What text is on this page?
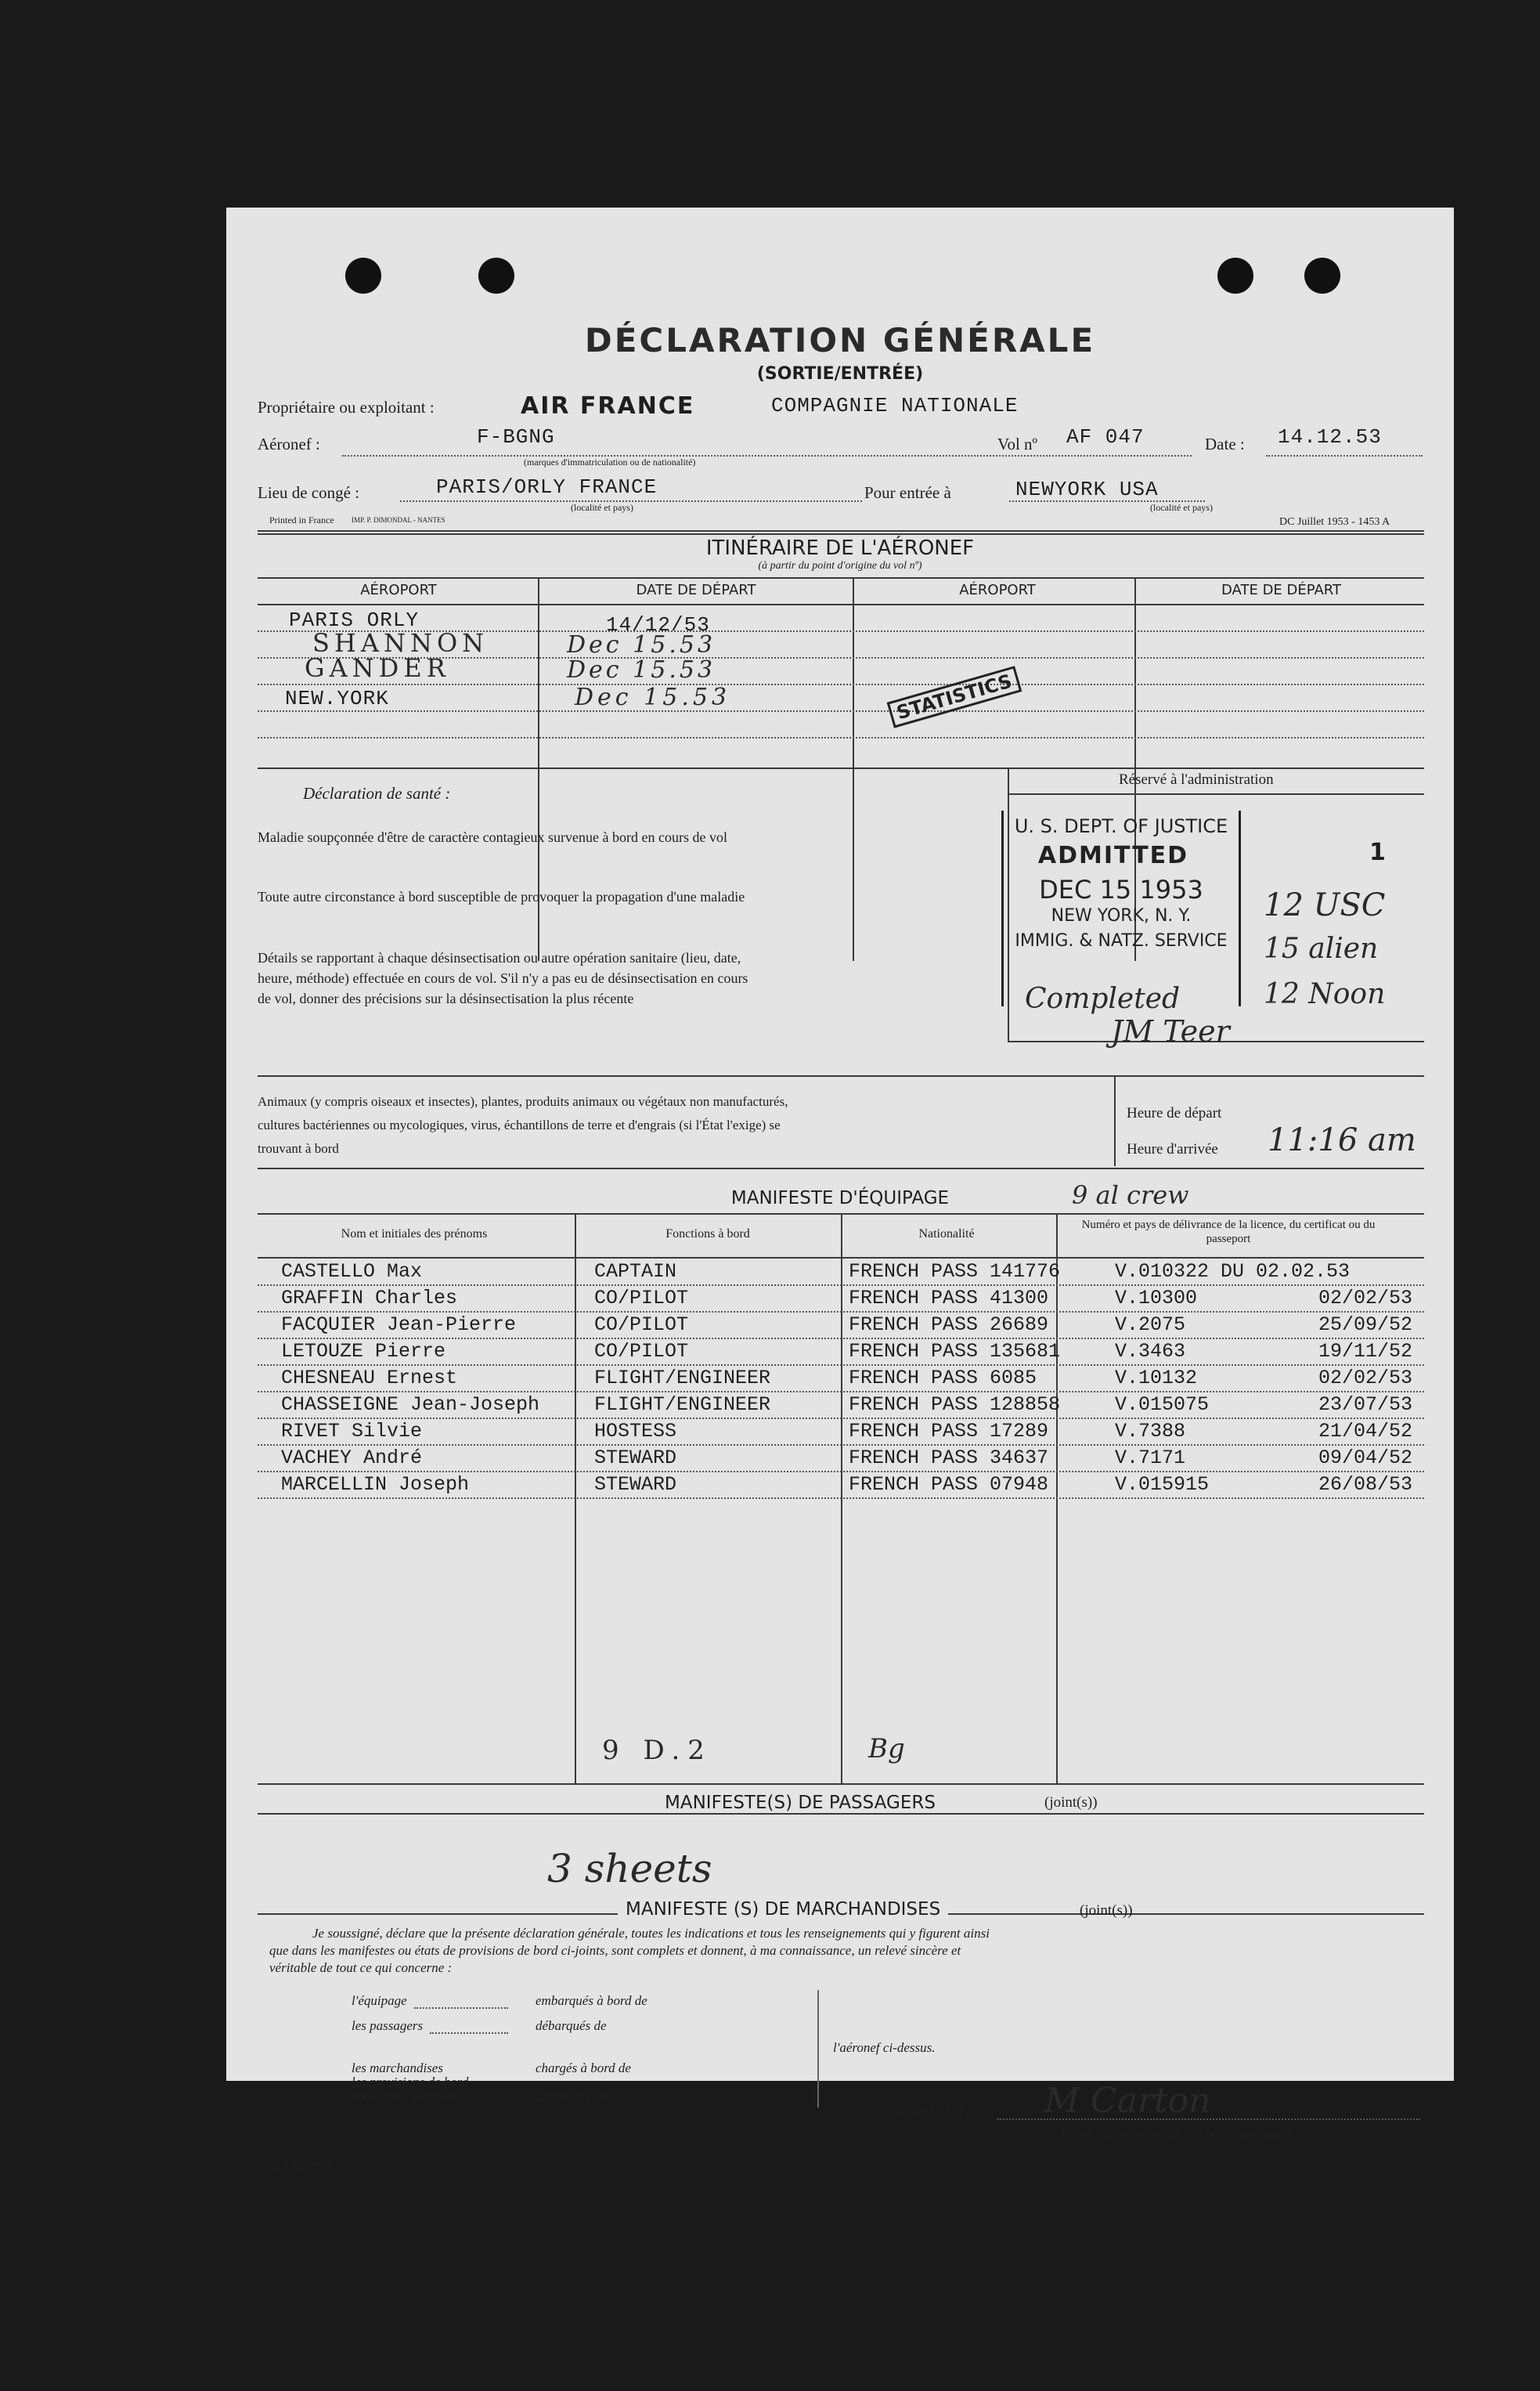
DÉCLARATION GÉNÉRALE
(SORTIE/ENTRÉE)
Propriétaire ou exploitant :	AIR FRANCE	COMPAGNIE NATIONALE
Aéronef :	F-BGNG
(marques d'immatriculation ou de nationalité)
Vol nº AF 047	Date : 14.12.53
Lieu de congé :	PARIS/ORLY FRANCE
(localité et pays)
Pour entrée à	NEWYORK USA
(localité et pays)
Printed in France IMP. P. DIMONDAL - NANTES	DC Juillet 1953 - 1453 A
ITINÉRAIRE DE L'AÉRONEF
(à partir du point d'origine du vol nº)
AÉROPORT	DATE DE DÉPART	AÉROPORT	DATE DE DÉPART
PARIS ORLY	14/12/53
SHANNON	Dec 15.53
GANDER	Dec 15.53
NEW.YORK	Dec 15.53	STATISTICS
Déclaration de santé :
Maladie soupçonnée d'être de caractère contagieux survenue à bord en cours de vol
Toute autre circonstance à bord susceptible de provoquer la propagation d'une maladie
Détails se rapportant à chaque désinsectisation ou autre opération sanitaire (lieu, date,
heure, méthode) effectuée en cours de vol. S'il n'y a pas eu de désinsectisation en cours
de vol, donner des précisions sur la désinsectisation la plus récente
Réservé à l'administration
1
U. S. DEPT. OF JUSTICE
ADMITTED
DEC 15 1953
NEW YORK, N. Y.
IMMIG. & NATZ. SERVICE
12 USC
15 alien
12 Noon
Completed
JM Teer
Animaux (y compris oiseaux et insectes), plantes, produits animaux ou végétaux non manufacturés,
cultures bactériennes ou mycologiques, virus, échantillons de terre et d'engrais (si l'État l'exige) se
trouvant à bord
Heure de départ
Heure d'arrivée 11:16 am
MANIFESTE D'ÉQUIPAGE	9 al crew
Nom et initiales des prénoms	Fonctions à bord	Nationalité
Numéro et pays de délivrance de la licence, du certificat ou du passeport
CASTELLO Max	CAPTAIN	FRENCH PASS 141776	V.010322 DU 02.02.53
GRAFFIN Charles	CO/PILOT	FRENCH PASS 41300	V.10300	02/02/53
FACQUIER Jean-Pierre	CO/PILOT	FRENCH PASS 26689	V.2075	25/09/52
LETOUZE Pierre	CO/PILOT	FRENCH PASS 135681	V.3463	19/11/52
CHESNEAU Ernest	FLIGHT/ENGINEER	FRENCH PASS 6085	V.10132	02/02/53
CHASSEIGNE Jean-Joseph	FLIGHT/ENGINEER	FRENCH PASS 128858	V.015075	23/07/53
RIVET Silvie	HOSTESS	FRENCH PASS 17289	V.7388	21/04/52
VACHEY André	STEWARD	FRENCH PASS 34637	V.7171	09/04/52
MARCELLIN Joseph	STEWARD	FRENCH PASS 07948	V.015915	26/08/53
9 D.2	Bg
MANIFESTE(S) DE PASSAGERS	(joint(s))
3 sheets
MANIFESTE (S) DE MARCHANDISES	(joint(s))
Je soussigné, déclare que la présente déclaration générale, toutes les indications et tous les renseignements qui y figurent ainsi
que dans les manifestes ou états de provisions de bord ci-joints, sont complets et donnent, à ma connaissance, un relevé sincère et
véritable de tout ce qui concerne :
l'équipage
les passagers
les marchandises
les provisions de bord
les articles postaux
embarqués à bord de
débarqués de
chargés à bord de
déchargés de
l'aéronef ci-dessus.
SIGNATURE : M Carton
Pilote commandant de bord ou agent agréé
941 CAO 1775
